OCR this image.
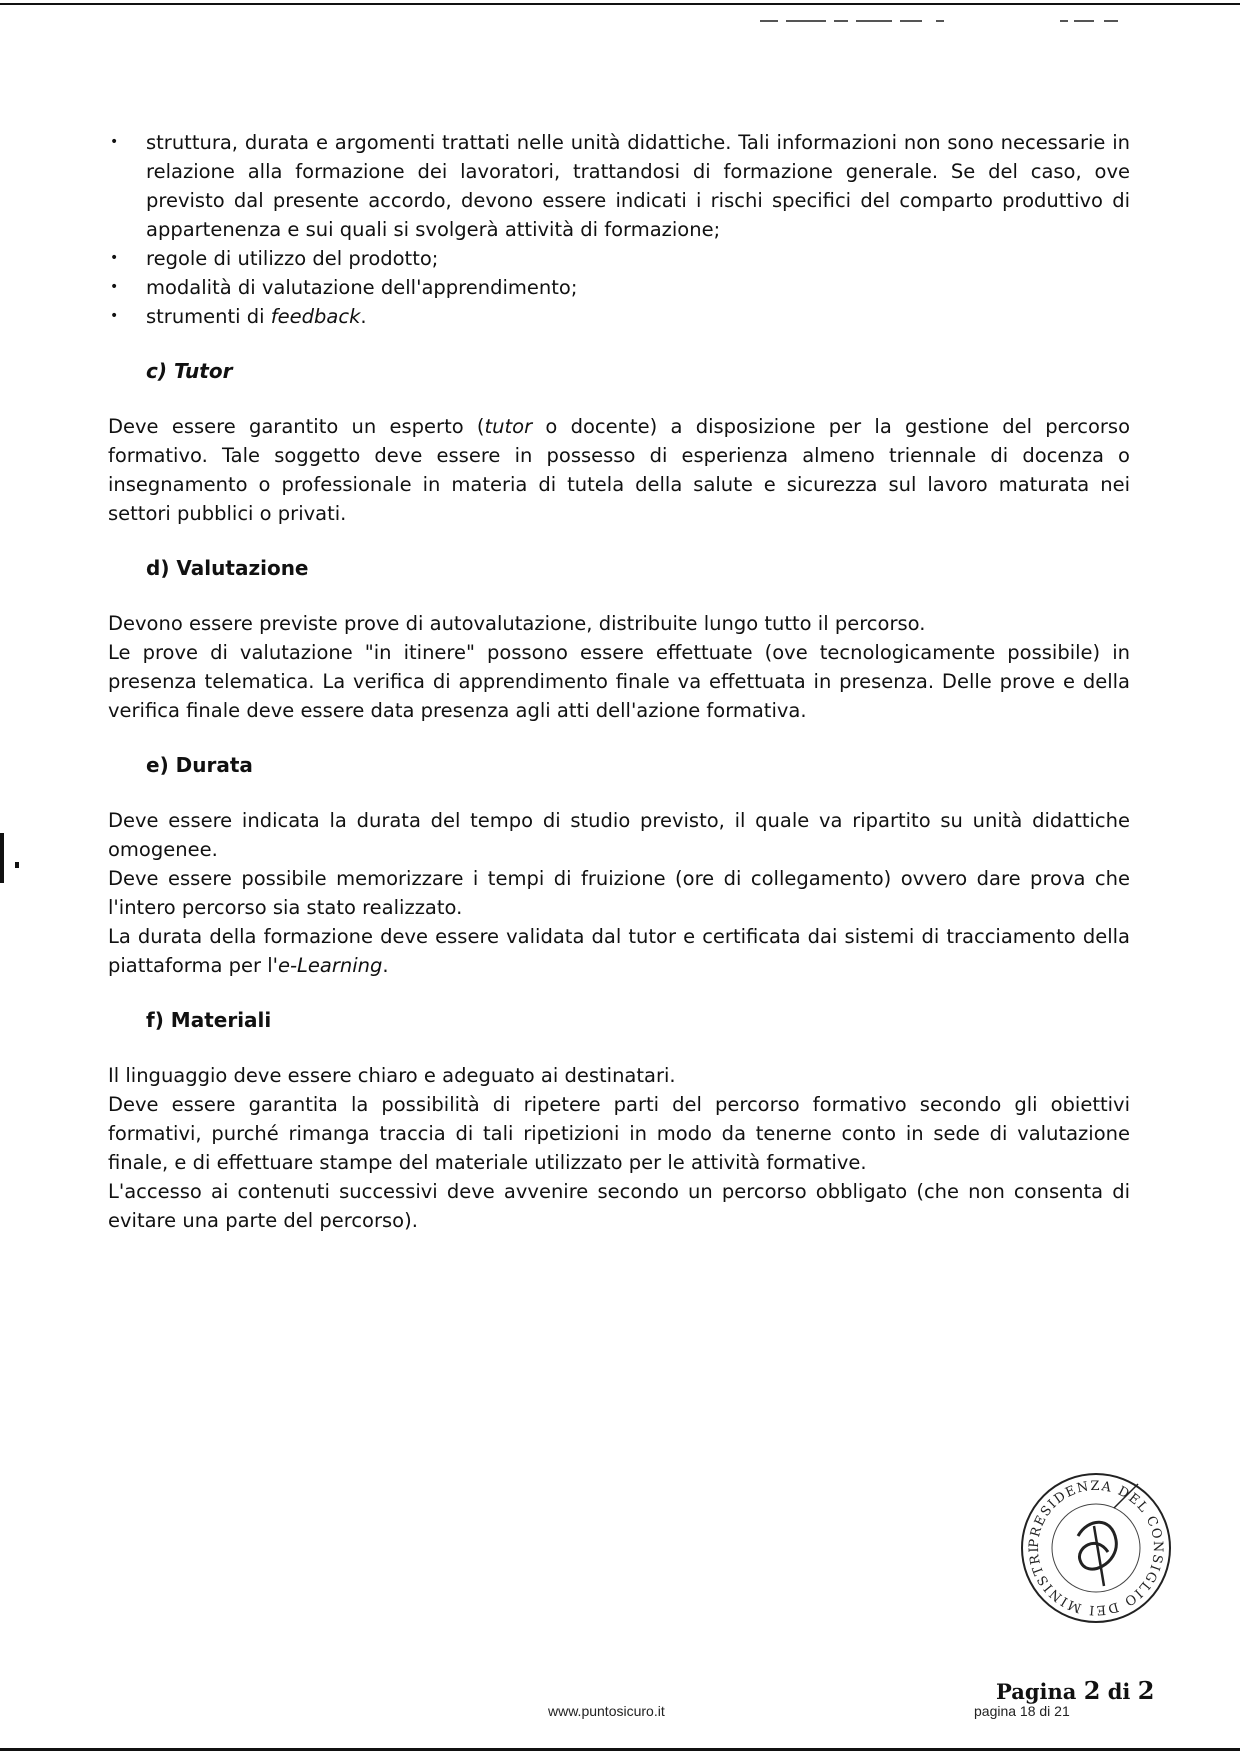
• struttura, durata e argomenti trattati nelle unità didattiche. Tali informazioni non sono necessarie in relazione alla formazione dei lavoratori, trattandosi di formazione generale. Se del caso, ove previsto dal presente accordo, devono essere indicati i rischi specifici del comparto produttivo di appartenenza e sui quali si svolgerà attività di formazione;
• regole di utilizzo del prodotto;
• modalità di valutazione dell'apprendimento;
• strumenti di feedback.
c) Tutor

Deve essere garantito un esperto (tutor o docente) a disposizione per la gestione del percorso formativo. Tale soggetto deve essere in possesso di esperienza almeno triennale di docenza o insegnamento o professionale in materia di tutela della salute e sicurezza sul lavoro maturata nei settori pubblici o privati.

d) Valutazione

Devono essere previste prove di autovalutazione, distribuite lungo tutto il percorso.

Le prove di valutazione "in itinere" possono essere effettuate (ove tecnologicamente possibile) in presenza telematica. La verifica di apprendimento finale va effettuata in presenza. Delle prove e della verifica finale deve essere data presenza agli atti dell'azione formativa.

e) Durata

Deve essere indicata la durata del tempo di studio previsto, il quale va ripartito su unità didattiche omogenee.

Deve essere possibile memorizzare i tempi di fruizione (ore di collegamento) ovvero dare prova che l'intero percorso sia stato realizzato.

La durata della formazione deve essere validata dal tutor e certificata dai sistemi di tracciamento della piattaforma per l'e-Learning.

f) Materiali

Il linguaggio deve essere chiaro e adeguato ai destinatari.

Deve essere garantita la possibilità di ripetere parti del percorso formativo secondo gli obiettivi formativi, purché rimanga traccia di tali ripetizioni in modo da tenerne conto in sede di valutazione finale, e di effettuare stampe del materiale utilizzato per le attività formative.

L'accesso ai contenuti successivi deve avvenire secondo un percorso obbligato (che non consenta di evitare una parte del percorso).

PRESIDENZA DEL CONSIGLIO DEI MINISTRI
Pagina 2 di 2
www.puntosicuro.it	pagina 18 di 21
